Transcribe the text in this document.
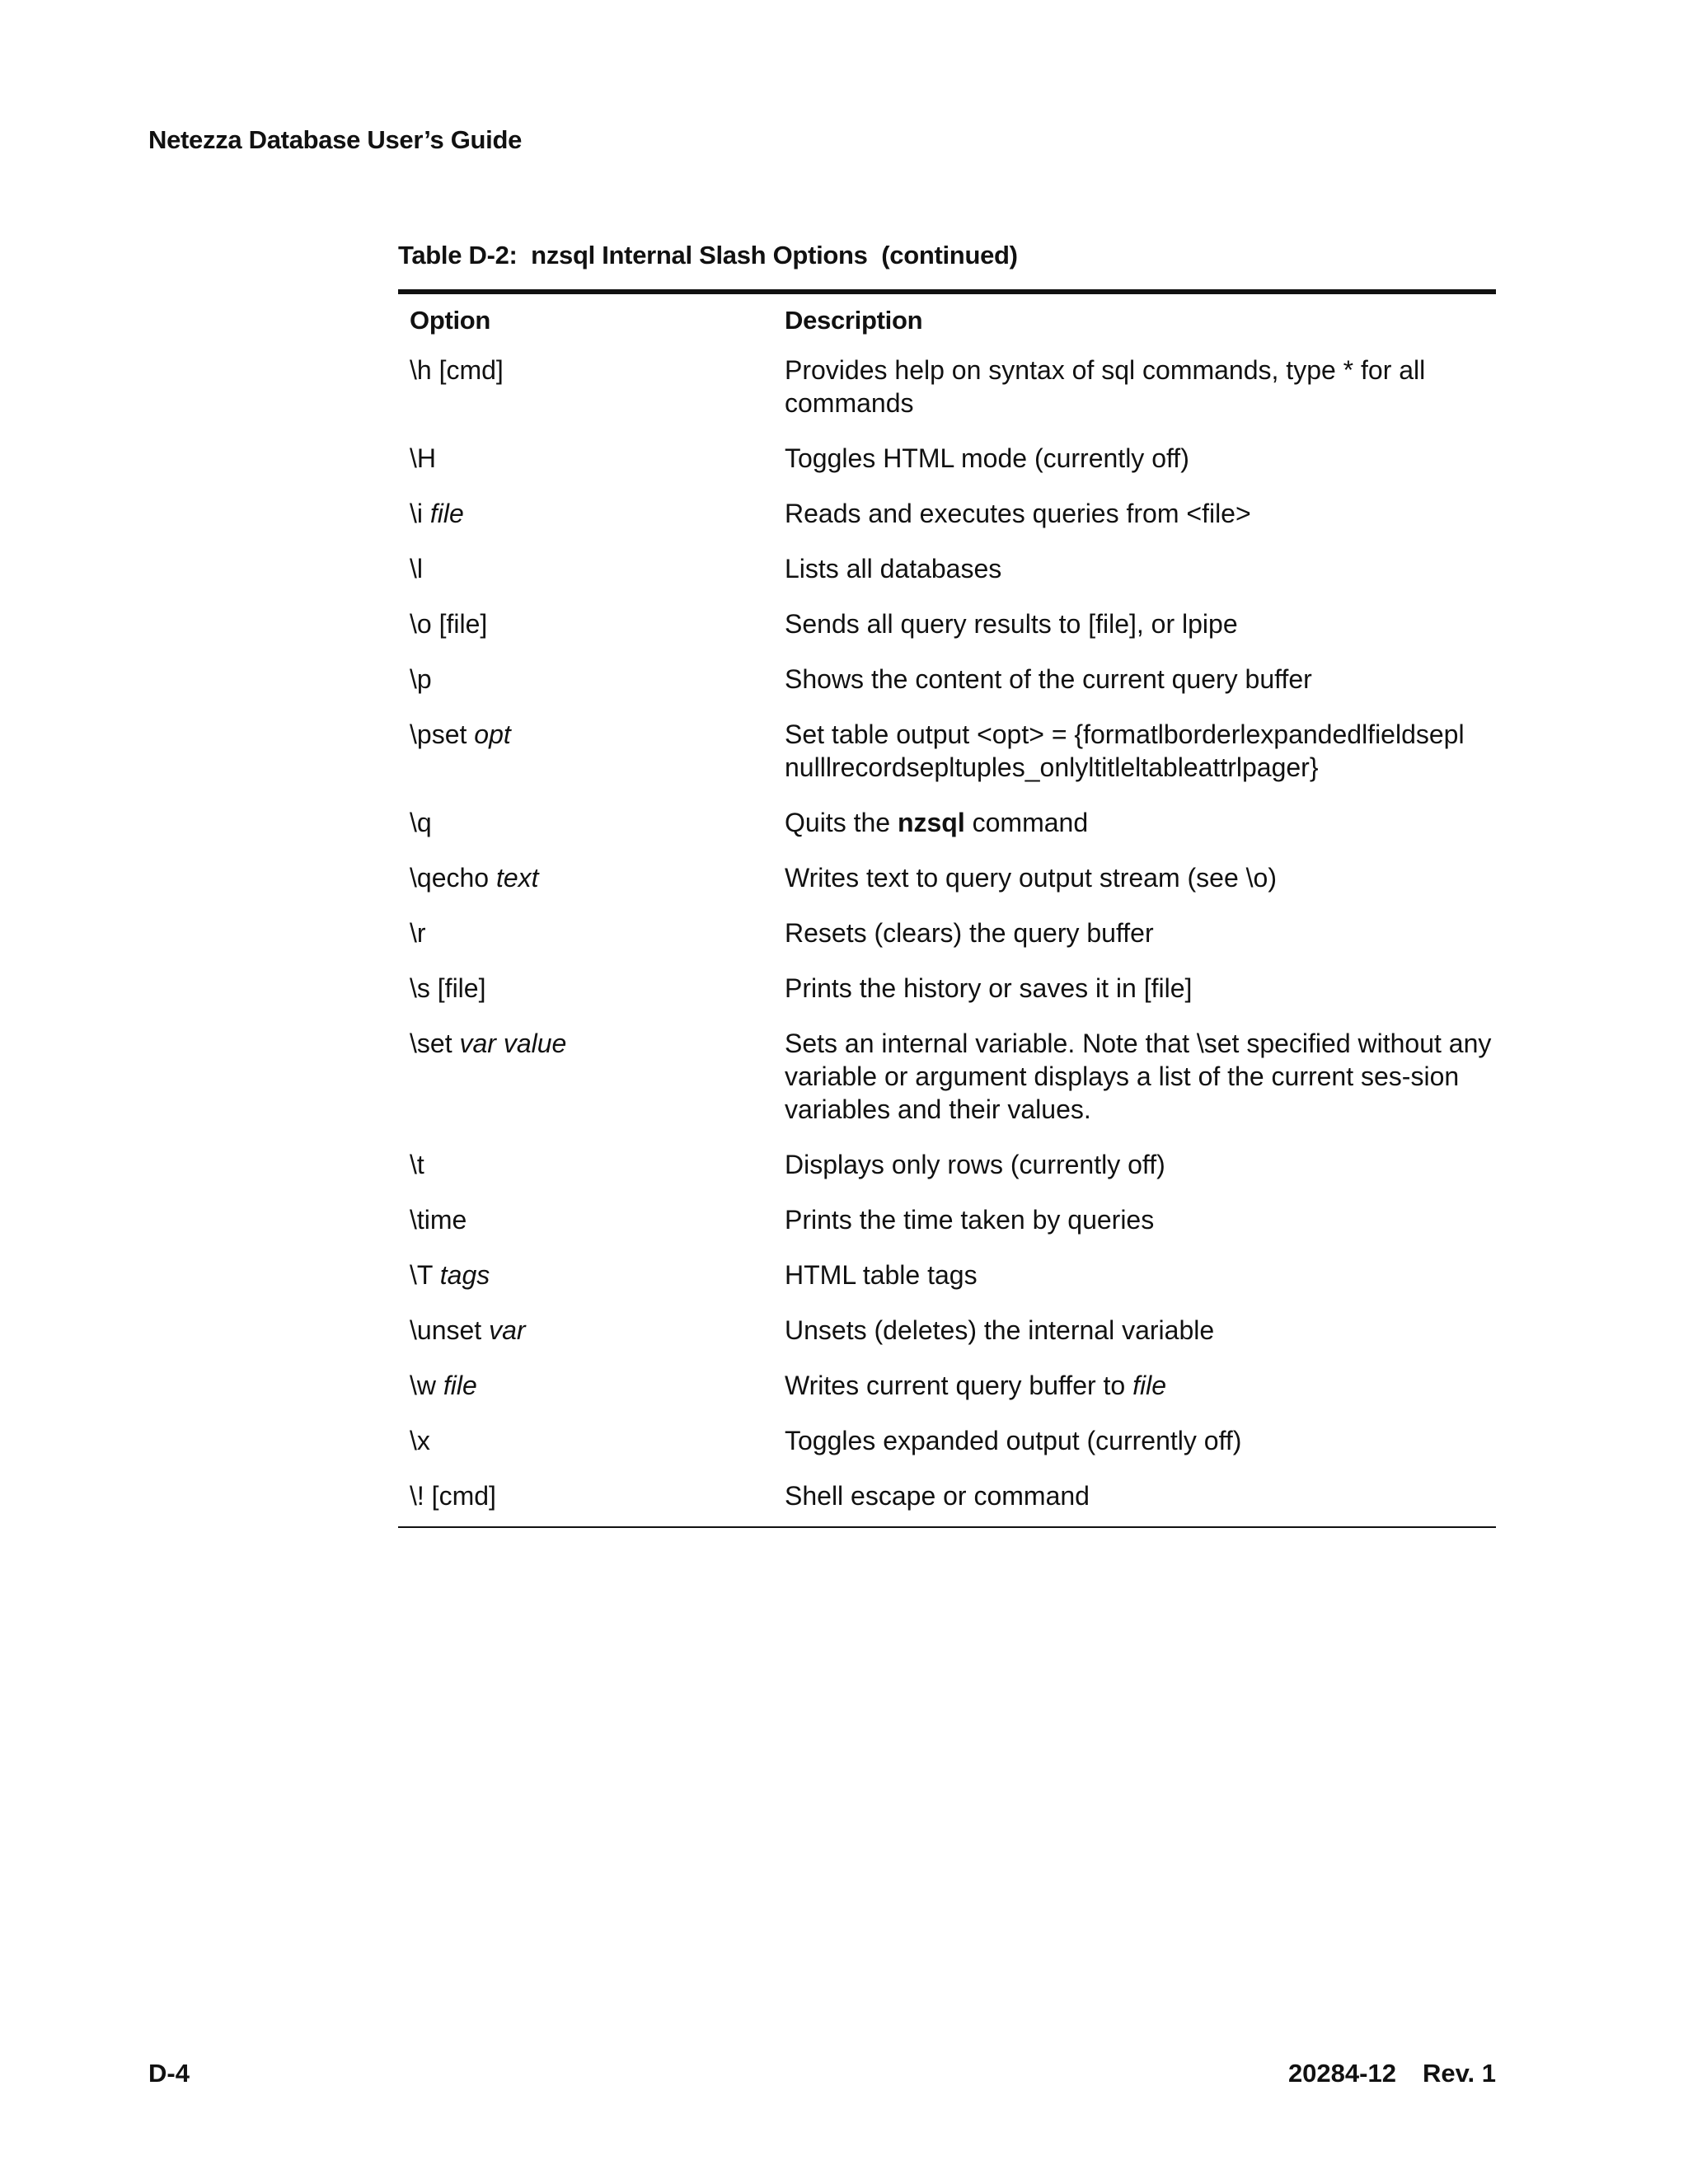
Netezza Database User’s Guide
Table D-2:  nzsql Internal Slash Options  (continued)
Option	Description
\h [cmd]	Provides help on syntax of sql commands, type * for all commands
\H	Toggles HTML mode (currently off)
\i file	Reads and executes queries from <file>
\l	Lists all databases
\o [file]	Sends all query results to [file], or lpipe
\p	Shows the content of the current query buffer
\pset opt	Set table output <opt> = {formatlborderlexpandedlfieldsepl nulllrecordsepltuples_onlyltitleltableattrlpager}
\q	Quits the nzsql command
\qecho text	Writes text to query output stream (see \o)
\r	Resets (clears) the query buffer
\s [file]	Prints the history or saves it in [file]
\set var value	Sets an internal variable. Note that \set specified without any variable or argument displays a list of the current ses-sion variables and their values.
\t	Displays only rows (currently off)
\time	Prints the time taken by queries
\T tags	HTML table tags
\unset var	Unsets (deletes) the internal variable
\w file	Writes current query buffer to file
\x	Toggles expanded output (currently off)
\! [cmd]	Shell escape or command
D-4	20284-12 Rev. 1
